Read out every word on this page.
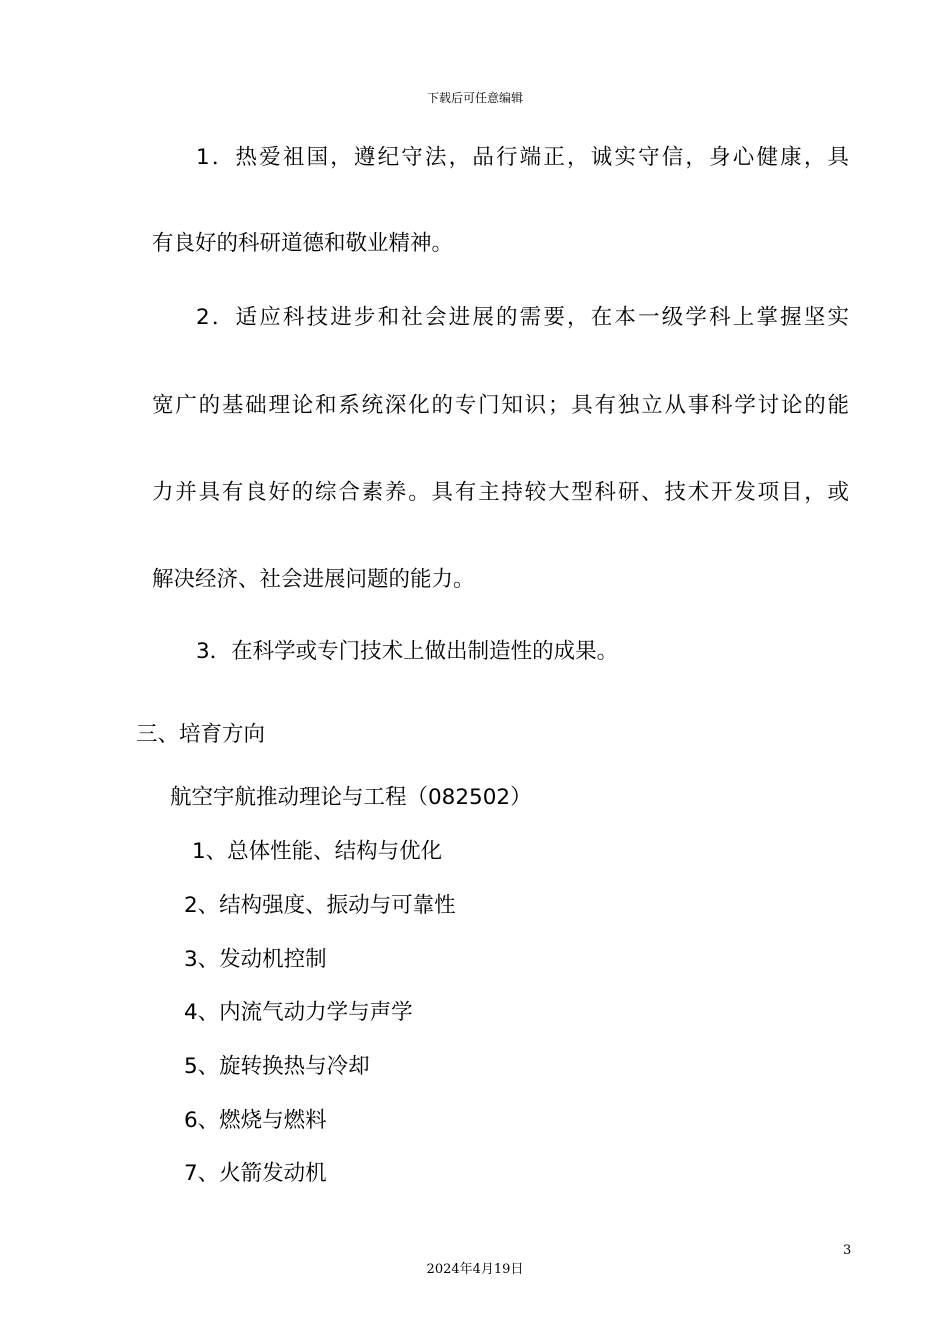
下载后可任意编辑
1．热爱祖国，遵纪守法，品行端正，诚实守信，身心健康，具
有良好的科研道德和敬业精神。
2．适应科技进步和社会进展的需要，在本一级学科上掌握坚实
宽广的基础理论和系统深化的专门知识；具有独立从事科学讨论的能
力并具有良好的综合素养。具有主持较大型科研、技术开发项目，或
解决经济、社会进展问题的能力。
3．在科学或专门技术上做出制造性的成果。
三、培育方向
航空宇航推动理论与工程（082502）
1、总体性能、结构与优化
2、结构强度、振动与可靠性
3、发动机控制
4、内流气动力学与声学
5、旋转换热与冷却
6、燃烧与燃料
7、火箭发动机
3
2024年4月19日
